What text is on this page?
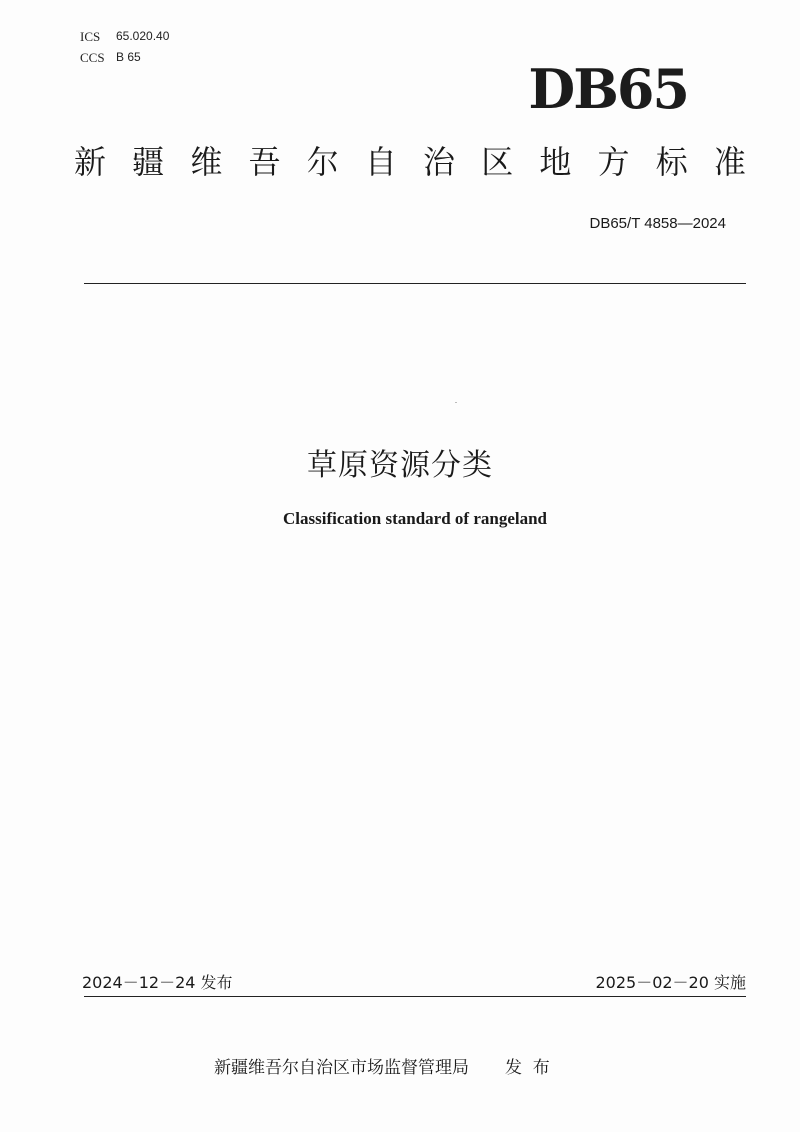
ICS	65.020.40
CCS B 65	DB65
新 疆 维 吾 尔 自 治 区 地 方 标 准
DB65/T 4858—2024
草原资源分类
Classification standard of rangeland
2024－12－24 发布	2025－02－20 实施
新疆维吾尔自治区市场监督管理局 发  布
